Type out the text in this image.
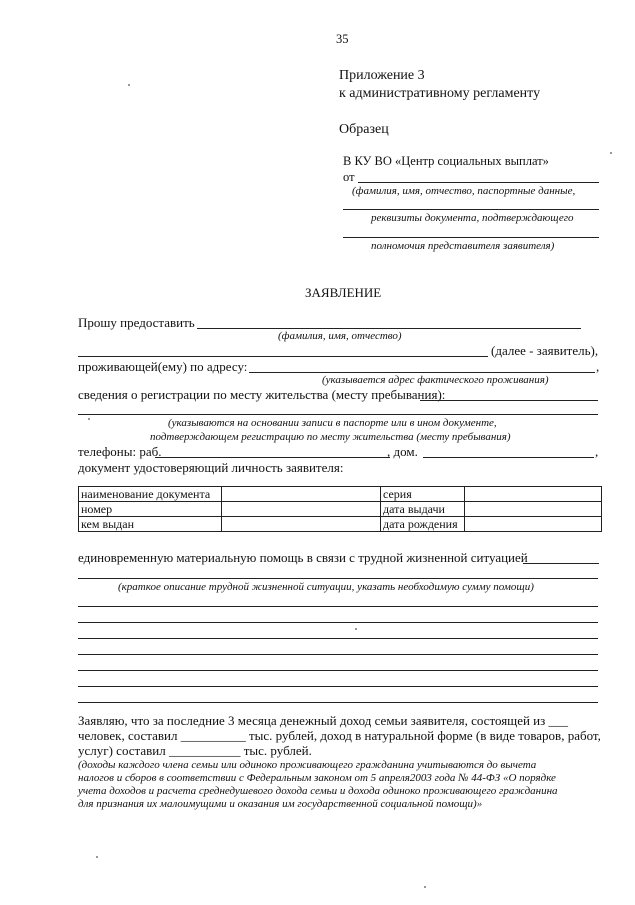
35
Приложение 3
к административному регламенту
Образец
В КУ ВО «Центр социальных выплат»
от
(фамилия, имя, отчество, паспортные данные,
реквизиты документа, подтверждающего
полномочия представителя заявителя)
ЗАЯВЛЕНИЕ
Прошу предоставить
(фамилия, имя, отчество)
(далее - заявитель),
проживающей(ему) по адресу:	,
(указывается адрес фактического проживания)
сведения о регистрации по месту жительства (месту пребывания):
(указываются на основании записи в паспорте или в ином документе,
подтверждающем регистрацию по месту жительства (месту пребывания)
телефоны: раб.	, дом.	,
документ удостоверяющий личность заявителя:
наименование документа		серия	
номер		дата выдачи	
кем выдан		дата рождения	
единовременную материальную помощь в связи с трудной жизненной ситуацией
(краткое описание трудной жизненной ситуации, указать необходимую сумму помощи)
Заявляю, что за последние 3 месяца денежный доход семьи заявителя, состоящей из ___
человек, составил __________ тыс. рублей, доход в натуральной форме (в виде товаров, работ,
услуг) составил ___________ тыс. рублей.
(доходы каждого члена семьи или одиноко проживающего гражданина учитываются до вычета
налогов и сборов в соответствии с Федеральным законом от 5 апреля2003 года № 44-ФЗ «О порядке
учета доходов и расчета среднедушевого дохода семьи и дохода одиноко проживающего гражданина
для признания их малоимущими и оказания им государственной социальной помощи)»
